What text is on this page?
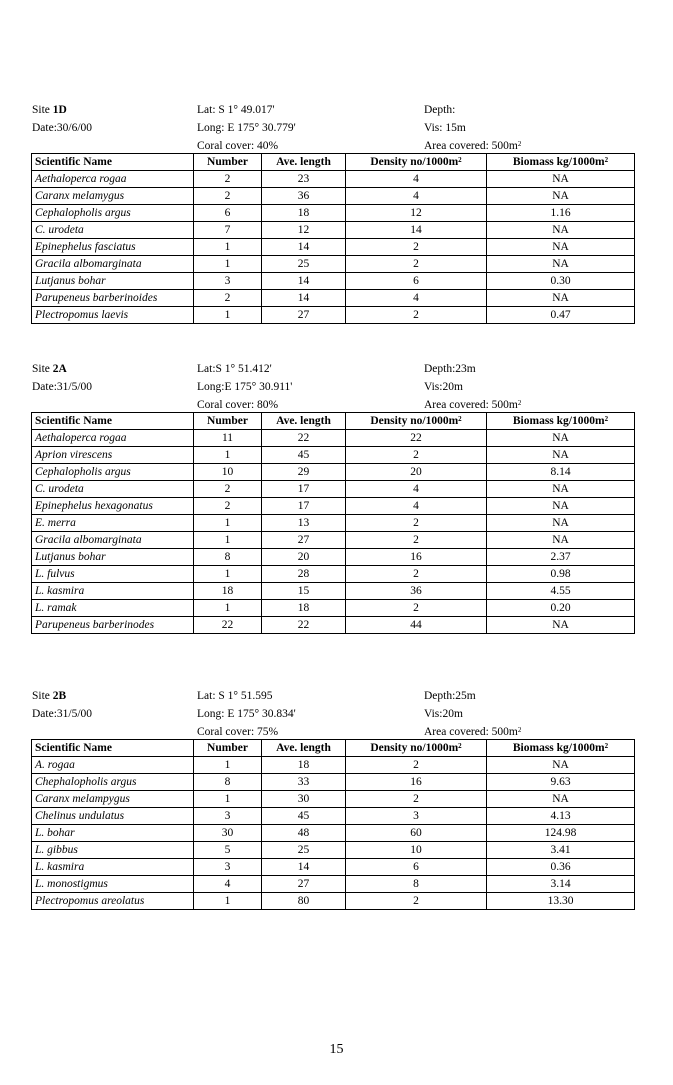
Site 1D
Date:30/6/00
Lat: S 1° 49.017'
Long: E 175° 30.779'
Coral cover: 40%
Depth:
Vis: 15m
Area covered: $500m^2$
Scientific Name	Number	Ave. length	Density $no/1000m^2$	Biomass $kg/1000m^2$
Aethaloperca rogaa	2	23	4	NA
Caranx melamygus	2	36	4	NA
Cephalopholis argus	6	18	12	1.16
C. urodeta	7	12	14	NA
Epinephelus fasciatus	1	14	2	NA
Gracila albomarginata	1	25	2	NA
Lutjanus bohar	3	14	6	0.30
Parupeneus barberinoides	2	14	4	NA
Plectropomus laevis	1	27	2	0.47
Site 2A
Date:31/5/00
Lat:S 1° 51.412'
Long:E 175° 30.911'
Coral cover: 80%
Depth:23m
Vis:20m
Area covered: $500m^2$
Scientific Name	Number	Ave. length	Density $no/1000m^2$	Biomass $kg/1000m^2$
Aethaloperca rogaa	11	22	22	NA
Aprion virescens	1	45	2	NA
Cephalopholis argus	10	29	20	8.14
C. urodeta	2	17	4	NA
Epinephelus hexagonatus	2	17	4	NA
E. merra	1	13	2	NA
Gracila albomarginata	1	27	2	NA
Lutjanus bohar	8	20	16	2.37
L. fulvus	1	28	2	0.98
L. kasmira	18	15	36	4.55
L. ramak	1	18	2	0.20
Parupeneus barberinodes	22	22	44	NA
Site 2B
Date:31/5/00
Lat: S 1° 51.595
Long: E 175° 30.834'
Coral cover: 75%
Depth:25m
Vis:20m
Area covered: $500m^2$
Scientific Name	Number	Ave. length	Density $no/1000m^2$	Biomass $kg/1000m^2$
A. rogaa	1	18	2	NA
Chephalopholis argus	8	33	16	9.63
Caranx melampygus	1	30	2	NA
Chelinus undulatus	3	45	3	4.13
L. bohar	30	48	60	124.98
L. gibbus	5	25	10	3.41
L. kasmira	3	14	6	0.36
L. monostigmus	4	27	8	3.14
Plectropomus areolatus	1	80	2	13.30
15
